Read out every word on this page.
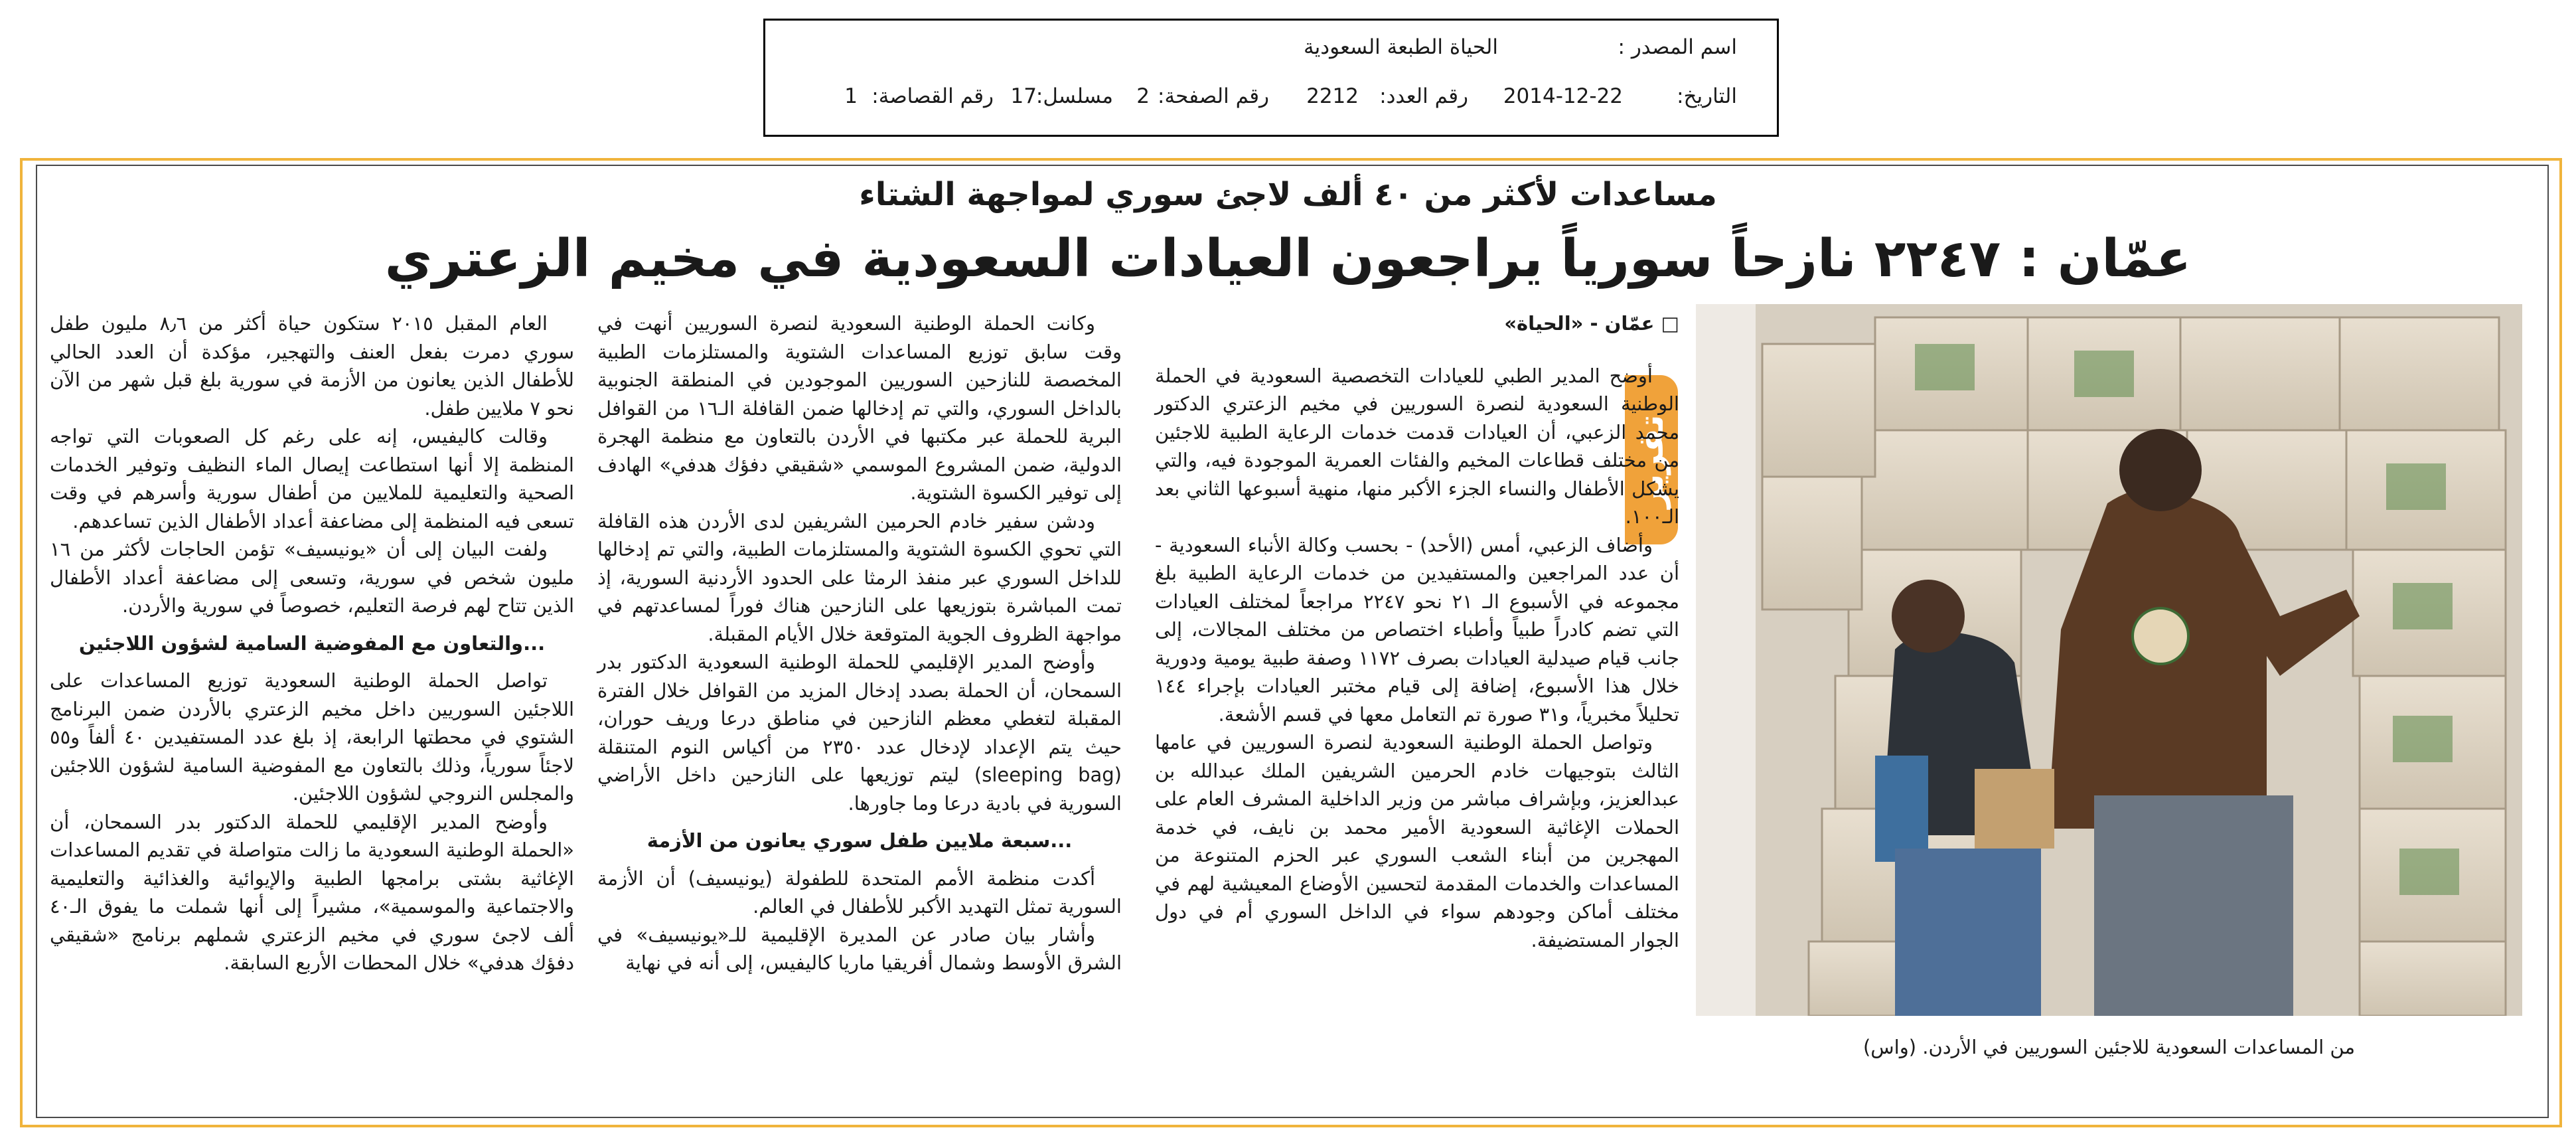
اسم المصدر :
الحياة الطبعة السعودية
التاريخ:
2014-12-22
رقم العدد:
2212
رقم الصفحة:
2
مسلسل:
17
رقم القصاصة:
1
مساعدات لأكثر من ٤٠ ألف لاجئ سوري لمواجهة الشتاء
عمّان : ٢٢٤٧ نازحاً سورياً يراجعون العيادات السعودية في مخيم الزعتري
من المساعدات السعودية للاجئين السوريين في الأردن. (واس)
تقرير

□ عمّان - «الحياة»

أوضح المدير الطبي للعيادات التخصصية السعودية في الحملة الوطنية السعودية لنصرة السوريين في مخيم الزعتري الدكتور محمد الزعبي، أن العيادات قدمت خدمات الرعاية الطبية للاجئين من مختلف قطاعات المخيم والفئات العمرية الموجودة فيه، والتي يشكل الأطفال والنساء الجزء الأكبر منها، منهية أسبوعها الثاني بعد الـ١٠٠.

وأضاف الزعبي، أمس (الأحد) - بحسب وكالة الأنباء السعودية - أن عدد المراجعين والمستفيدين من خدمات الرعاية الطبية بلغ مجموعه في الأسبوع الـ ٢١ نحو ٢٢٤٧ مراجعاً لمختلف العيادات التي تضم كادراً طبياً وأطباء اختصاص من مختلف المجالات، إلى جانب قيام صيدلية العيادات بصرف ١١٧٢ وصفة طبية يومية ودورية خلال هذا الأسبوع، إضافة إلى قيام مختبر العيادات بإجراء ١٤٤ تحليلاً مخبرياً، و٣١ صورة تم التعامل معها في قسم الأشعة.

وتواصل الحملة الوطنية السعودية لنصرة السوريين في عامها الثالث بتوجيهات خادم الحرمين الشريفين الملك عبدالله بن عبدالعزيز، وبإشراف مباشر من وزير الداخلية المشرف العام على الحملات الإغاثية السعودية الأمير محمد بن نايف، في خدمة المهجرين من أبناء الشعب السوري عبر الحزم المتنوعة من المساعدات والخدمات المقدمة لتحسين الأوضاع المعيشية لهم في مختلف أماكن وجودهم سواء في الداخل السوري أم في دول الجوار المستضيفة.

وكانت الحملة الوطنية السعودية لنصرة السوريين أنهت في وقت سابق توزيع المساعدات الشتوية والمستلزمات الطبية المخصصة للنازحين السوريين الموجودين في المنطقة الجنوبية بالداخل السوري، والتي تم إدخالها ضمن القافلة الـ١٦ من القوافل البرية للحملة عبر مكتبها في الأردن بالتعاون مع منظمة الهجرة الدولية، ضمن المشروع الموسمي «شقيقي دفؤك هدفي» الهادف إلى توفير الكسوة الشتوية.

ودشن سفير خادم الحرمين الشريفين لدى الأردن هذه القافلة التي تحوي الكسوة الشتوية والمستلزمات الطبية، والتي تم إدخالها للداخل السوري عبر منفذ الرمثا على الحدود الأردنية السورية، إذ تمت المباشرة بتوزيعها على النازحين هناك فوراً لمساعدتهم في مواجهة الظروف الجوية المتوقعة خلال الأيام المقبلة.

وأوضح المدير الإقليمي للحملة الوطنية السعودية الدكتور بدر السمحان، أن الحملة بصدد إدخال المزيد من القوافل خلال الفترة المقبلة لتغطي معظم النازحين في مناطق درعا وريف حوران، حيث يتم الإعداد لإدخال عدد ٢٣٥٠ من أكياس النوم المتنقلة (sleeping bag) ليتم توزيعها على النازحين داخل الأراضي السورية في بادية درعا وما جاورها.

...سبعة ملايين طفل سوري يعانون من الأزمة

أكدت منظمة الأمم المتحدة للطفولة (يونيسيف) أن الأزمة السورية تمثل التهديد الأكبر للأطفال في العالم.

وأشار بيان صادر عن المديرة الإقليمية للـ«يونيسيف» في الشرق الأوسط وشمال أفريقيا ماريا كاليفيس، إلى أنه في نهاية

العام المقبل ٢٠١٥ ستكون حياة أكثر من ٨٫٦ مليون طفل سوري دمرت بفعل العنف والتهجير، مؤكدة أن العدد الحالي للأطفال الذين يعانون من الأزمة في سورية بلغ قبل شهر من الآن نحو ٧ ملايين طفل.

وقالت كاليفيس، إنه على رغم كل الصعوبات التي تواجه المنظمة إلا أنها استطاعت إيصال الماء النظيف وتوفير الخدمات الصحية والتعليمية للملايين من أطفال سورية وأسرهم في وقت تسعى فيه المنظمة إلى مضاعفة أعداد الأطفال الذين تساعدهم.

ولفت البيان إلى أن «يونيسيف» تؤمن الحاجات لأكثر من ١٦ مليون شخص في سورية، وتسعى إلى مضاعفة أعداد الأطفال الذين تتاح لهم فرصة التعليم، خصوصاً في سورية والأردن.

...والتعاون مع المفوضية السامية لشؤون اللاجئين

تواصل الحملة الوطنية السعودية توزيع المساعدات على اللاجئين السوريين داخل مخيم الزعتري بالأردن ضمن البرنامج الشتوي في محطتها الرابعة، إذ بلغ عدد المستفيدين ٤٠ ألفاً و٥٥ لاجئاً سورياً، وذلك بالتعاون مع المفوضية السامية لشؤون اللاجئين والمجلس النروجي لشؤون اللاجئين.

وأوضح المدير الإقليمي للحملة الدكتور بدر السمحان، أن «الحملة الوطنية السعودية ما زالت متواصلة في تقديم المساعدات الإغاثية بشتى برامجها الطبية والإيوائية والغذائية والتعليمية والاجتماعية والموسمية»، مشيراً إلى أنها شملت ما يفوق الـ٤٠ ألف لاجئ سوري في مخيم الزعتري شملهم برنامج «شقيقي دفؤك هدفي» خلال المحطات الأربع السابقة.
